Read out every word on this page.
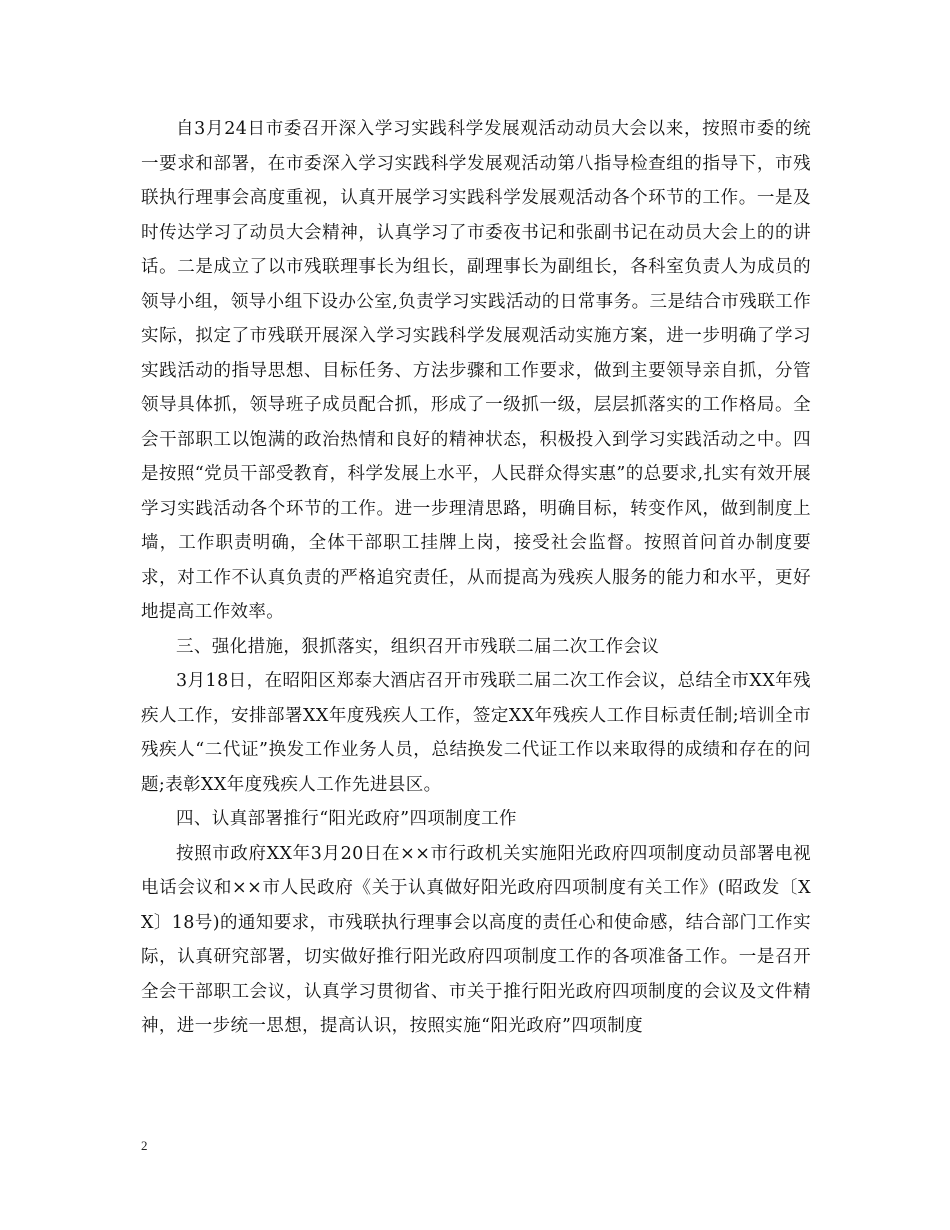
自3月24日市委召开深入学习实践科学发展观活动动员大会以来，按照市委的统一要求和部署，在市委深入学习实践科学发展观活动第八指导检查组的指导下，市残联执行理事会高度重视，认真开展学习实践科学发展观活动各个环节的工作。一是及时传达学习了动员大会精神，认真学习了市委夜书记和张副书记在动员大会上的的讲话。二是成立了以市残联理事长为组长，副理事长为副组长，各科室负责人为成员的领导小组，领导小组下设办公室,负责学习实践活动的日常事务。三是结合市残联工作实际，拟定了市残联开展深入学习实践科学发展观活动实施方案，进一步明确了学习实践活动的指导思想、目标任务、方法步骤和工作要求，做到主要领导亲自抓，分管领导具体抓，领导班子成员配合抓，形成了一级抓一级，层层抓落实的工作格局。全会干部职工以饱满的政治热情和良好的精神状态，积极投入到学习实践活动之中。四是按照“党员干部受教育，科学发展上水平，人民群众得实惠”的总要求,扎实有效开展学习实践活动各个环节的工作。进一步理清思路，明确目标，转变作风，做到制度上墙，工作职责明确，全体干部职工挂牌上岗，接受社会监督。按照首问首办制度要求，对工作不认真负责的严格追究责任，从而提高为残疾人服务的能力和水平，更好地提高工作效率。

三、强化措施，狠抓落实，组织召开市残联二届二次工作会议

3月18日，在昭阳区郑泰大酒店召开市残联二届二次工作会议，总结全市XX年残疾人工作，安排部署XX年度残疾人工作，签定XX年残疾人工作目标责任制;培训全市残疾人“二代证”换发工作业务人员，总结换发二代证工作以来取得的成绩和存在的问题;表彰XX年度残疾人工作先进县区。

四、认真部署推行“阳光政府”四项制度工作

按照市政府XX年3月20日在××市行政机关实施阳光政府四项制度动员部署电视电话会议和××市人民政府《关于认真做好阳光政府四项制度有关工作》(昭政发〔XX〕18号)的通知要求，市残联执行理事会以高度的责任心和使命感，结合部门工作实际，认真研究部署，切实做好推行阳光政府四项制度工作的各项准备工作。一是召开全会干部职工会议，认真学习贯彻省、市关于推行阳光政府四项制度的会议及文件精神，进一步统一思想，提高认识，按照实施“阳光政府”四项制度

2
